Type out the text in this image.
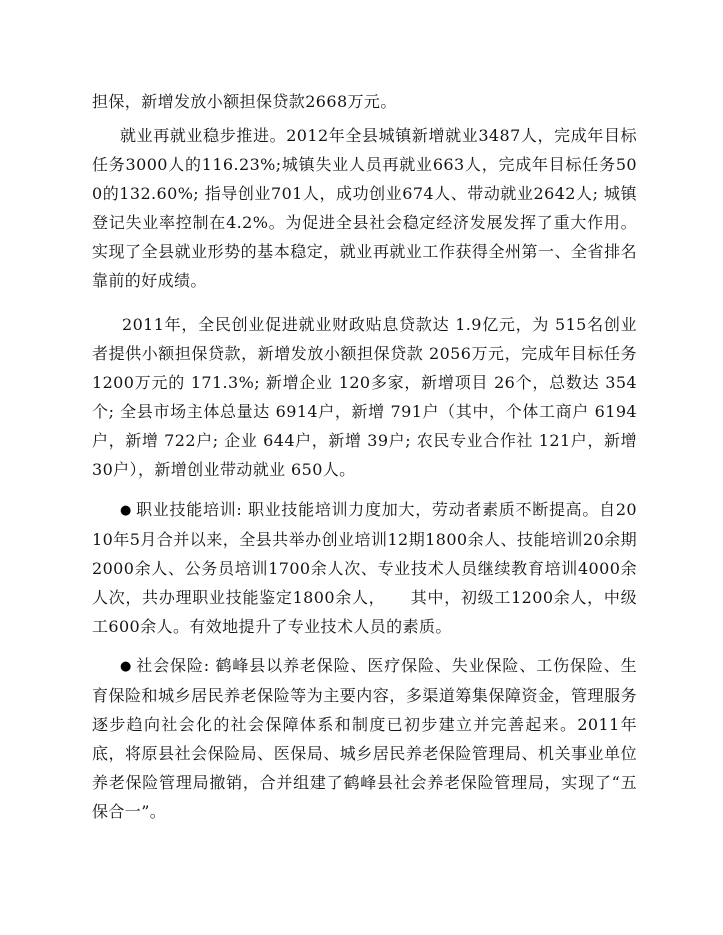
担保，新增发放小额担保贷款2668万元。

就业再就业稳步推进。2012年全县城镇新增就业3487人，完成年目标任务3000人的116.23%;城镇失业人员再就业663人，完成年目标任务500的132.60%; 指导创业701人，成功创业674人、带动就业2642人; 城镇登记失业率控制在4.2%。为促进全县社会稳定经济发展发挥了重大作用。实现了全县就业形势的基本稳定，就业再就业工作获得全州第一、全省排名靠前的好成绩。

2011年，全民创业促进就业财政贴息贷款达 1.9亿元，为 515名创业者提供小额担保贷款，新增发放小额担保贷款 2056万元，完成年目标任务 1200万元的 171.3%; 新增企业 120多家，新增项目 26个，总数达 354个; 全县市场主体总量达 6914户，新增 791户（其中，个体工商户 6194户，新增 722户; 企业 644户，新增 39户; 农民专业合作社 121户，新增 30户），新增创业带动就业 650人。

● 职业技能培训: 职业技能培训力度加大，劳动者素质不断提高。自2010年5月合并以来，全县共举办创业培训12期1800余人、技能培训20余期2000余人、公务员培训1700余人次、专业技术人员继续教育培训4000余人次，共办理职业技能鉴定1800余人，　　其中，初级工1200余人，中级工600余人。有效地提升了专业技术人员的素质。

● 社会保险: 鹤峰县以养老保险、医疗保险、失业保险、工伤保险、生育保险和城乡居民养老保险等为主要内容，多渠道筹集保障资金，管理服务逐步趋向社会化的社会保障体系和制度已初步建立并完善起来。2011年底，将原县社会保险局、医保局、城乡居民养老保险管理局、机关事业单位养老保险管理局撤销，合并组建了鹤峰县社会养老保险管理局，实现了“五保合一”。
